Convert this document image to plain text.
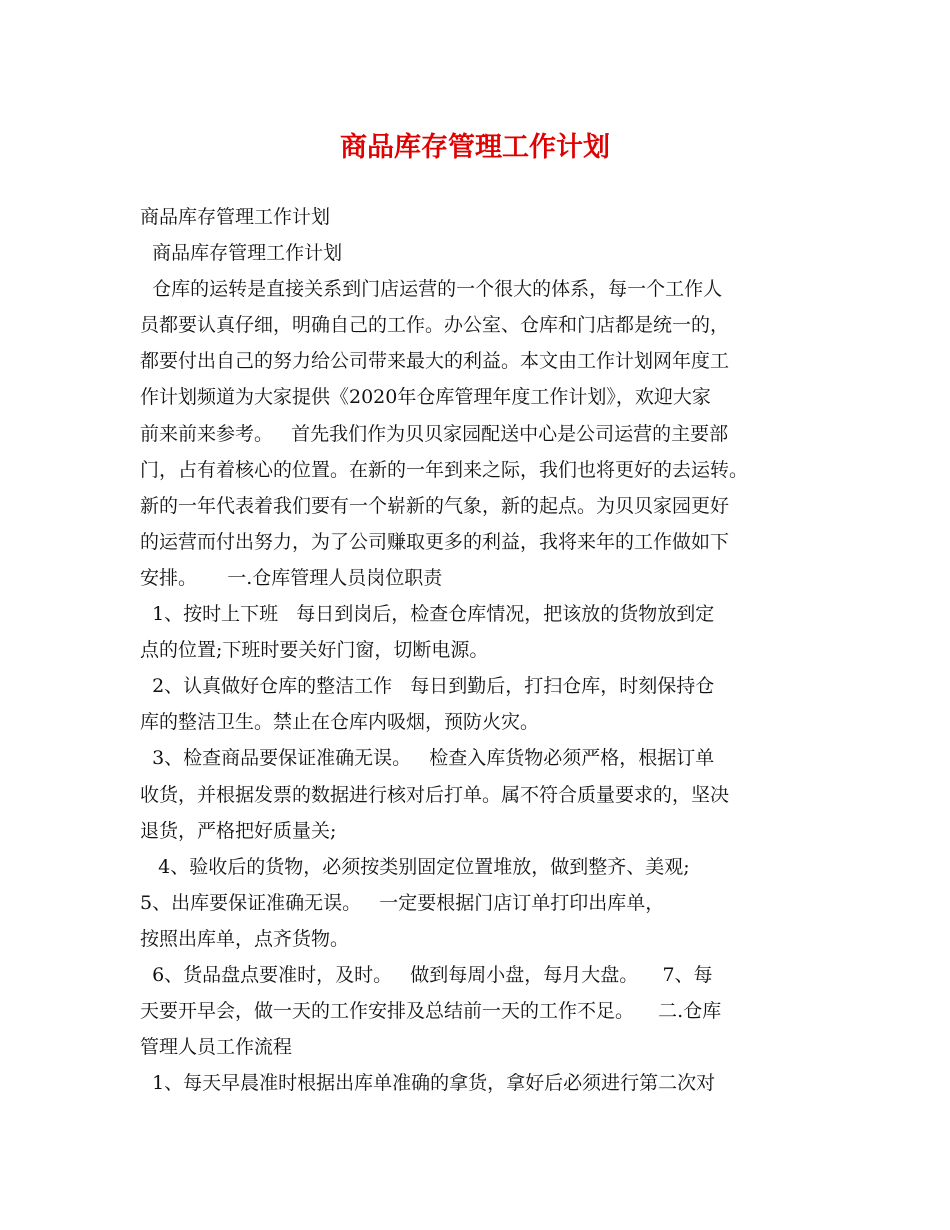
商品库存管理工作计划
商品库存管理工作计划
商品库存管理工作计划
仓库的运转是直接关系到门店运营的一个很大的体系，每一个工作人
员都要认真仔细，明确自己的工作。办公室、仓库和门店都是统一的，
都要付出自己的努力给公司带来最大的利益。本文由工作计划网年度工
作计划频道为大家提供《2020年仓库管理年度工作计划》，欢迎大家
前来前来参考。   首先我们作为贝贝家园配送中心是公司运营的主要部
门，占有着核心的位置。在新的一年到来之际，我们也将更好的去运转。
新的一年代表着我们要有一个崭新的气象，新的起点。为贝贝家园更好
的运营而付出努力，为了公司赚取更多的利益，我将来年的工作做如下
安排。     一.仓库管理人员岗位职责
1、按时上下班   每日到岗后，检查仓库情况，把该放的货物放到定
点的位置;下班时要关好门窗，切断电源。
2、认真做好仓库的整洁工作   每日到勤后，打扫仓库，时刻保持仓
库的整洁卫生。禁止在仓库内吸烟，预防火灾。
3、检查商品要保证准确无误。   检查入库货物必须严格，根据订单
收货，并根据发票的数据进行核对后打单。属不符合质量要求的，坚决
退货，严格把好质量关;
4、验收后的货物，必须按类别固定位置堆放，做到整齐、美观;
5、出库要保证准确无误。   一定要根据门店订单打印出库单，
按照出库单，点齐货物。
6、货品盘点要准时，及时。   做到每周小盘，每月大盘。    7、每
天要开早会，做一天的工作安排及总结前一天的工作不足。    二.仓库
管理人员工作流程
1、每天早晨准时根据出库单准确的拿货，拿好后必须进行第二次对
